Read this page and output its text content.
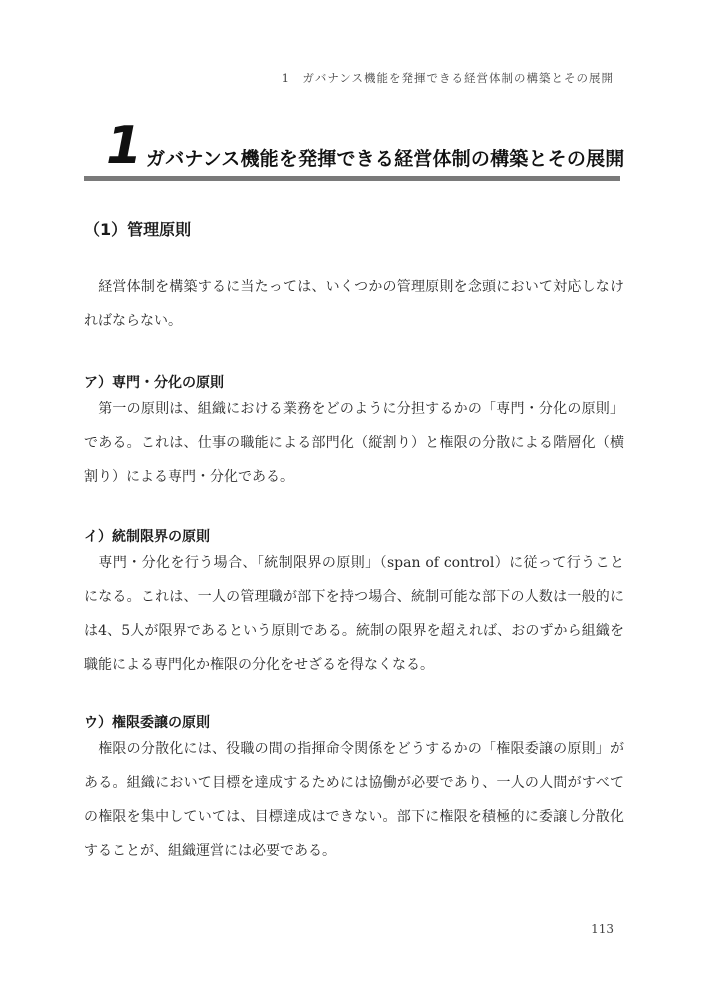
1　ガバナンス機能を発揮できる経営体制の構築とその展開
1 ガバナンス機能を発揮できる経営体制の構築とその展開
（1）管理原則
　経営体制を構築するに当たっては、いくつかの管理原則を念頭において対応しなければならない。
ア）専門・分化の原則
　第一の原則は、組織における業務をどのように分担するかの「専門・分化の原則」である。これは、仕事の職能による部門化（縦割り）と権限の分散による階層化（横割り）による専門・分化である。
イ）統制限界の原則
　専門・分化を行う場合、「統制限界の原則」（span of control）に従って行うことになる。これは、一人の管理職が部下を持つ場合、統制可能な部下の人数は一般的には4、5人が限界であるという原則である。統制の限界を超えれば、おのずから組織を職能による専門化か権限の分化をせざるを得なくなる。
ウ）権限委譲の原則
　権限の分散化には、役職の間の指揮命令関係をどうするかの「権限委譲の原則」がある。組織において目標を達成するためには協働が必要であり、一人の人間がすべての権限を集中していては、目標達成はできない。部下に権限を積極的に委譲し分散化することが、組織運営には必要である。
113
